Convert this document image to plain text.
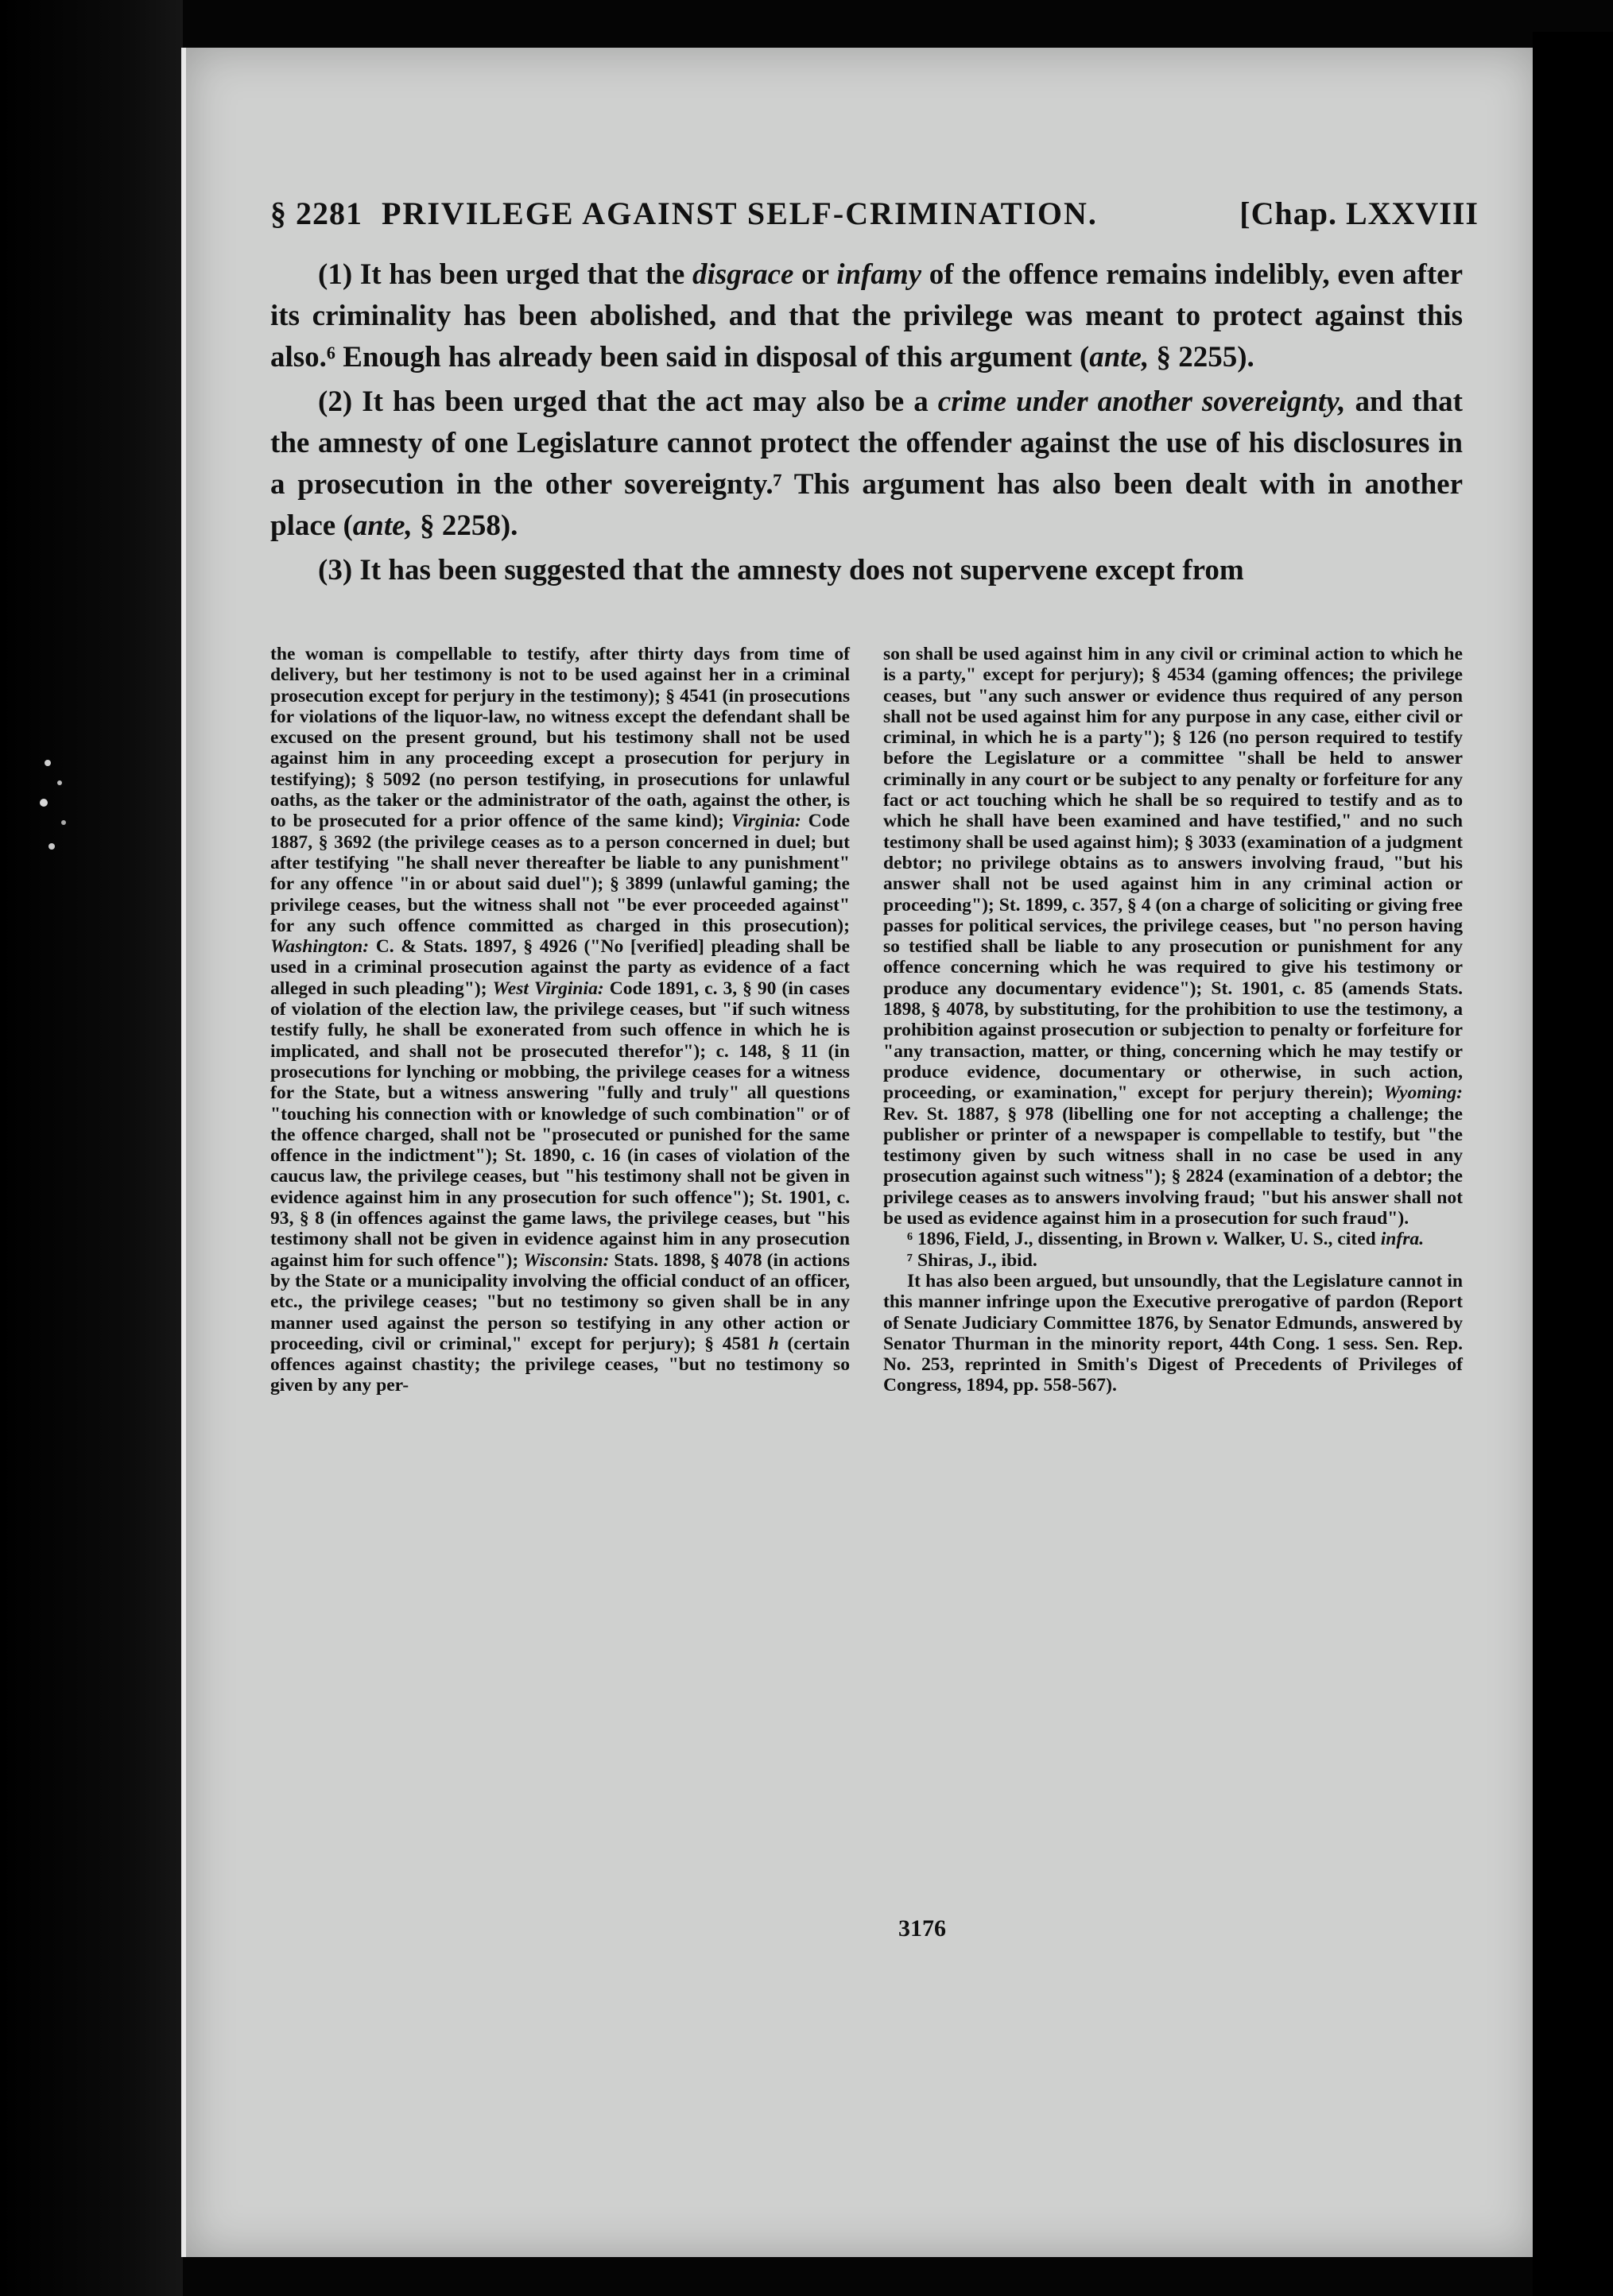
§ 2281 PRIVILEGE AGAINST SELF-CRIMINATION.	[Chap. LXXVIII

(1) It has been urged that the disgrace or infamy of the offence remains indelibly, even after its criminality has been abolished, and that the privilege was meant to protect against this also.⁶ Enough has already been said in disposal of this argument (ante, § 2255).

(2) It has been urged that the act may also be a crime under another sovereignty, and that the amnesty of one Legislature cannot protect the offender against the use of his disclosures in a prosecution in the other sovereignty.⁷ This argument has also been dealt with in another place (ante, § 2258).

(3) It has been suggested that the amnesty does not supervene except from

the woman is compellable to testify, after thirty days from time of delivery, but her testimony is not to be used against her in a criminal prosecution except for perjury in the testimony); § 4541 (in prosecutions for violations of the liquor-law, no witness except the defendant shall be excused on the present ground, but his testimony shall not be used against him in any proceeding except a prosecution for perjury in testifying); § 5092 (no person testifying, in prosecutions for unlawful oaths, as the taker or the administrator of the oath, against the other, is to be prosecuted for a prior offence of the same kind); Virginia: Code 1887, § 3692 (the privilege ceases as to a person concerned in duel; but after testifying "he shall never thereafter be liable to any punishment" for any offence "in or about said duel"); § 3899 (unlawful gaming; the privilege ceases, but the witness shall not "be ever proceeded against" for any such offence committed as charged in this prosecution); Washington: C. & Stats. 1897, § 4926 ("No [verified] pleading shall be used in a criminal prosecution against the party as evidence of a fact alleged in such pleading"); West Virginia: Code 1891, c. 3, § 90 (in cases of violation of the election law, the privilege ceases, but "if such witness testify fully, he shall be exonerated from such offence in which he is implicated, and shall not be prosecuted therefor"); c. 148, § 11 (in prosecutions for lynching or mobbing, the privilege ceases for a witness for the State, but a witness answering "fully and truly" all questions "touching his connection with or knowledge of such combination" or of the offence charged, shall not be "prosecuted or punished for the same offence in the indictment"); St. 1890, c. 16 (in cases of violation of the caucus law, the privilege ceases, but "his testimony shall not be given in evidence against him in any prosecution for such offence"); St. 1901, c. 93, § 8 (in offences against the game laws, the privilege ceases, but "his testimony shall not be given in evidence against him in any prosecution against him for such offence"); Wisconsin: Stats. 1898, § 4078 (in actions by the State or a municipality involving the official conduct of an officer, etc., the privilege ceases; "but no testimony so given shall be in any manner used against the person so testifying in any other action or proceeding, civil or criminal," except for perjury); § 4581 h (certain offences against chastity; the privilege ceases, "but no testimony so given by any per-

son shall be used against him in any civil or criminal action to which he is a party," except for perjury); § 4534 (gaming offences; the privilege ceases, but "any such answer or evidence thus required of any person shall not be used against him for any purpose in any case, either civil or criminal, in which he is a party"); § 126 (no person required to testify before the Legislature or a committee "shall be held to answer criminally in any court or be subject to any penalty or forfeiture for any fact or act touching which he shall be so required to testify and as to which he shall have been examined and have testified," and no such testimony shall be used against him); § 3033 (examination of a judgment debtor; no privilege obtains as to answers involving fraud, "but his answer shall not be used against him in any criminal action or proceeding"); St. 1899, c. 357, § 4 (on a charge of soliciting or giving free passes for political services, the privilege ceases, but "no person having so testified shall be liable to any prosecution or punishment for any offence concerning which he was required to give his testimony or produce any documentary evidence"); St. 1901, c. 85 (amends Stats. 1898, § 4078, by substituting, for the prohibition to use the testimony, a prohibition against prosecution or subjection to penalty or forfeiture for "any transaction, matter, or thing, concerning which he may testify or produce evidence, documentary or otherwise, in such action, proceeding, or examination," except for perjury therein); Wyoming: Rev. St. 1887, § 978 (libelling one for not accepting a challenge; the publisher or printer of a newspaper is compellable to testify, but "the testimony given by such witness shall in no case be used in any prosecution against such witness"); § 2824 (examination of a debtor; the privilege ceases as to answers involving fraud; "but his answer shall not be used as evidence against him in a prosecution for such fraud").

⁶ 1896, Field, J., dissenting, in Brown v. Walker, U. S., cited infra.

⁷ Shiras, J., ibid.

It has also been argued, but unsoundly, that the Legislature cannot in this manner infringe upon the Executive prerogative of pardon (Report of Senate Judiciary Committee 1876, by Senator Edmunds, answered by Senator Thurman in the minority report, 44th Cong. 1 sess. Sen. Rep. No. 253, reprinted in Smith's Digest of Precedents of Privileges of Congress, 1894, pp. 558-567).

3176
